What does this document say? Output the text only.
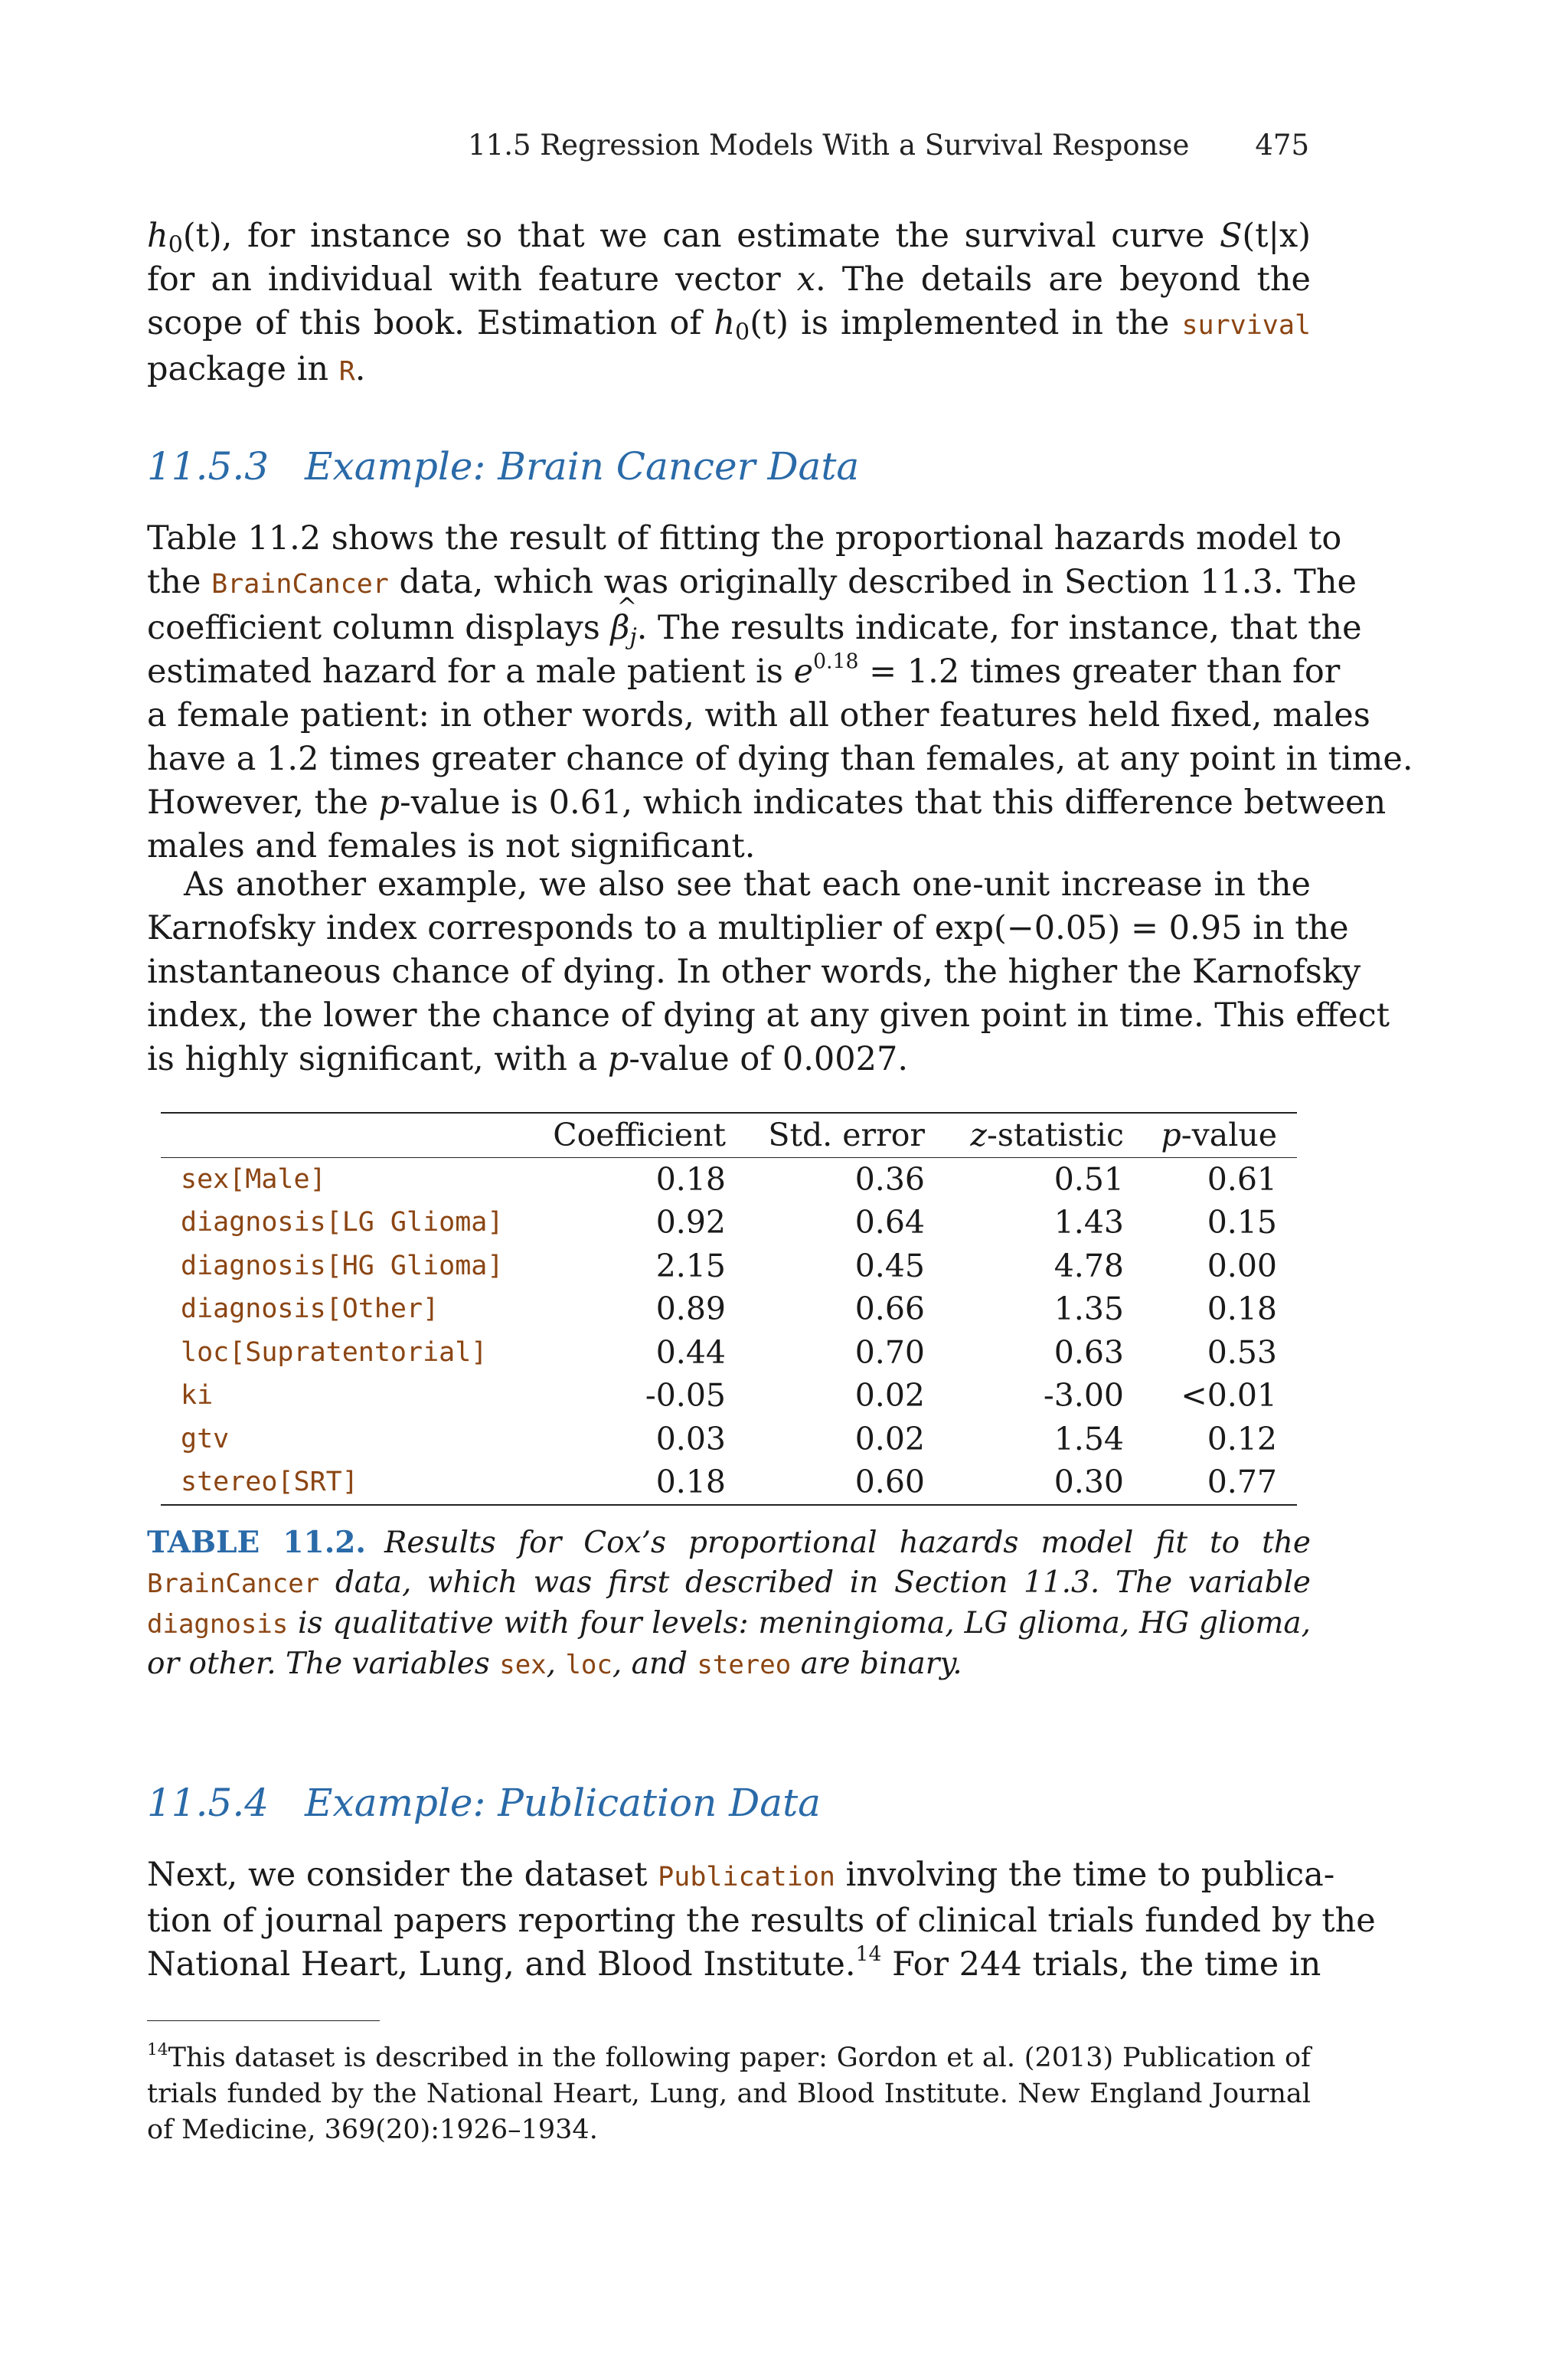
11.5 Regression Models With a Survival Response 475
$h_0(t)$, for instance so that we can estimate the survival curve S(t|x)
for an individual with feature vector x. The details are beyond the
scope of this book. Estimation of $h_0(t)$ is implemented in the survival
package in R.
11.5.3 Example: Brain Cancer Data
Table 11.2 shows the result of fitting the proportional hazards model to
the BrainCancer data, which was originally described in Section 11.3. The
coefficient column displays ^ $\beta_j$. The results indicate, for instance, that the
estimated hazard for a male patient is $e^{0.18} = 1.2$ times greater than for
a female patient: in other words, with all other features held fixed, males
have a 1.2 times greater chance of dying than females, at any point in time.
However, the p-value is 0.61, which indicates that this difference between
males and females is not significant.
As another example, we also see that each one-unit increase in the
Karnofsky index corresponds to a multiplier of exp(−0.05) = 0.95 in the
instantaneous chance of dying. In other words, the higher the Karnofsky
index, the lower the chance of dying at any given point in time. This effect
is highly significant, with a p-value of 0.0027.
	Coefficient	Std. error	z-statistic	p-value
sex[Male]	0.18	0.36	0.51	0.61
diagnosis[LG Glioma]	0.92	0.64	1.43	0.15
diagnosis[HG Glioma]	2.15	0.45	4.78	0.00
diagnosis[Other]	0.89	0.66	1.35	0.18
loc[Supratentorial]	0.44	0.70	0.63	0.53
ki	-0.05	0.02	-3.00	<0.01
gtv	0.03	0.02	1.54	0.12
stereo[SRT]	0.18	0.60	0.30	0.77
TABLE 11.2. Results for Cox’s proportional hazards model fit to the
BrainCancer data, which was first described in Section 11.3. The variable
diagnosis is qualitative with four levels: meningioma, LG glioma, HG glioma,
or other. The variables sex, loc, and stereo are binary.
11.5.4 Example: Publication Data
Next, we consider the dataset Publication involving the time to publica-
tion of journal papers reporting the results of clinical trials funded by the
National Heart, Lung, and Blood Institute.$^{14}$ For 244 trials, the time in
$^{14}$This dataset is described in the following paper: Gordon et al. (2013) Publication of
trials funded by the National Heart, Lung, and Blood Institute. New England Journal
of Medicine, 369(20):1926–1934.
